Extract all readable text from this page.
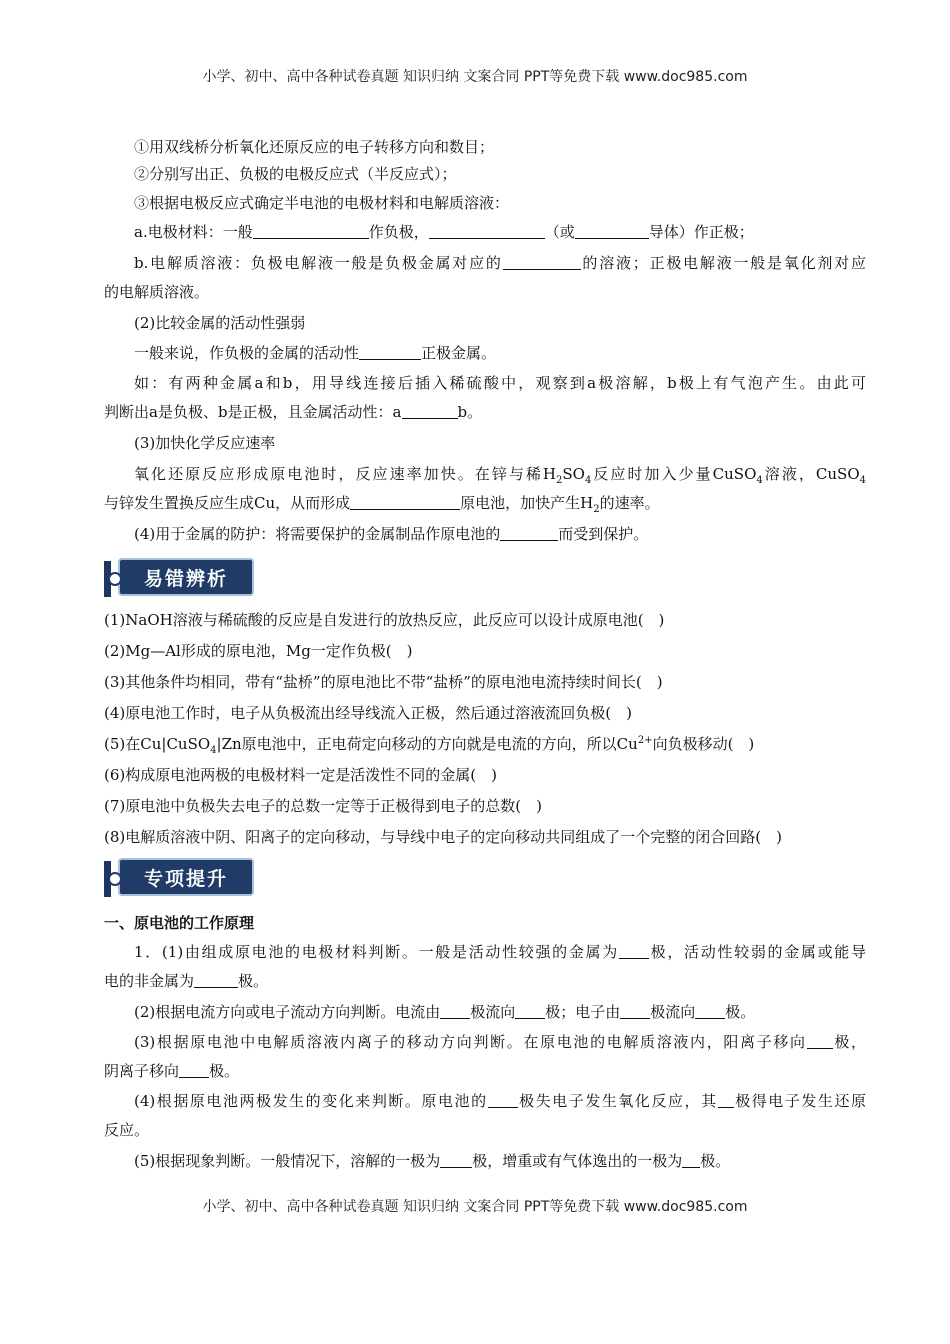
小学、初中、高中各种试卷真题 知识归纳 文案合同 PPT等免费下载 www.doc985.com
①用双线桥分析氧化还原反应的电子转移方向和数目；
②分别写出正、负极的电极反应式（半反应式）；
③根据电极反应式确定半电池的电极材料和电解质溶液：
a.电极材料：一般	作负极，	（或	导体）作正极；
b.电解质溶液：负极电解液一般是负极金属对应的	的溶液；正极电解液一般是氧化剂对应
的电解质溶液。
(2)比较金属的活动性强弱
一般来说，作负极的金属的活动性	正极金属。
如：有两种金属a和b，用导线连接后插入稀硫酸中，观察到a极溶解，b极上有气泡产生。由此可
判断出a是负极、b是正极，且金属活动性：a	b。
(3)加快化学反应速率
氧化还原反应形成原电池时，反应速率加快。在锌与稀$H_2SO_4$反应时加入少量CuSO$_4$溶液，CuSO$_4$
与锌发生置换反应生成Cu，从而形成	原电池，加快产生$H_2$的速率。
(4)用于金属的防护：将需要保护的金属制品作原电池的	而受到保护。
易错辨析
(1)NaOH溶液与稀硫酸的反应是自发进行的放热反应，此反应可以设计成原电池(　)
(2)Mg—Al形成的原电池，Mg一定作负极(　)
(3)其他条件均相同，带有“盐桥”的原电池比不带“盐桥”的原电池电流持续时间长(　)
(4)原电池工作时，电子从负极流出经导线流入正极，然后通过溶液流回负极(　)
(5)在Cu|CuSO$_4$|Zn原电池中，正电荷定向移动的方向就是电流的方向，所以$Cu^{2+}$向负极移动(　)
(6)构成原电池两极的电极材料一定是活泼性不同的金属(　)
(7)原电池中负极失去电子的总数一定等于正极得到电子的总数(　)
(8)电解质溶液中阴、阳离子的定向移动，与导线中电子的定向移动共同组成了一个完整的闭合回路(　)
专项提升
一、原电池的工作原理
1．(1)由组成原电池的电极材料判断。一般是活动性较强的金属为 极，活动性较弱的金属或能导
电的非金属为	极。
(2)根据电流方向或电子流动方向判断。电流由 极流向 极；电子由 极流向 极。
(3)根据原电池中电解质溶液内离子的移动方向判断。在原电池的电解质溶液内，阳离子移向 极，
阴离子移向 极。
(4)根据原电池两极发生的变化来判断。原电池的 极失电子发生氧化反应，其 极得电子发生还原
反应。
(5)根据现象判断。一般情况下，溶解的一极为 极，增重或有气体逸出的一极为 极。
小学、初中、高中各种试卷真题 知识归纳 文案合同 PPT等免费下载 www.doc985.com
